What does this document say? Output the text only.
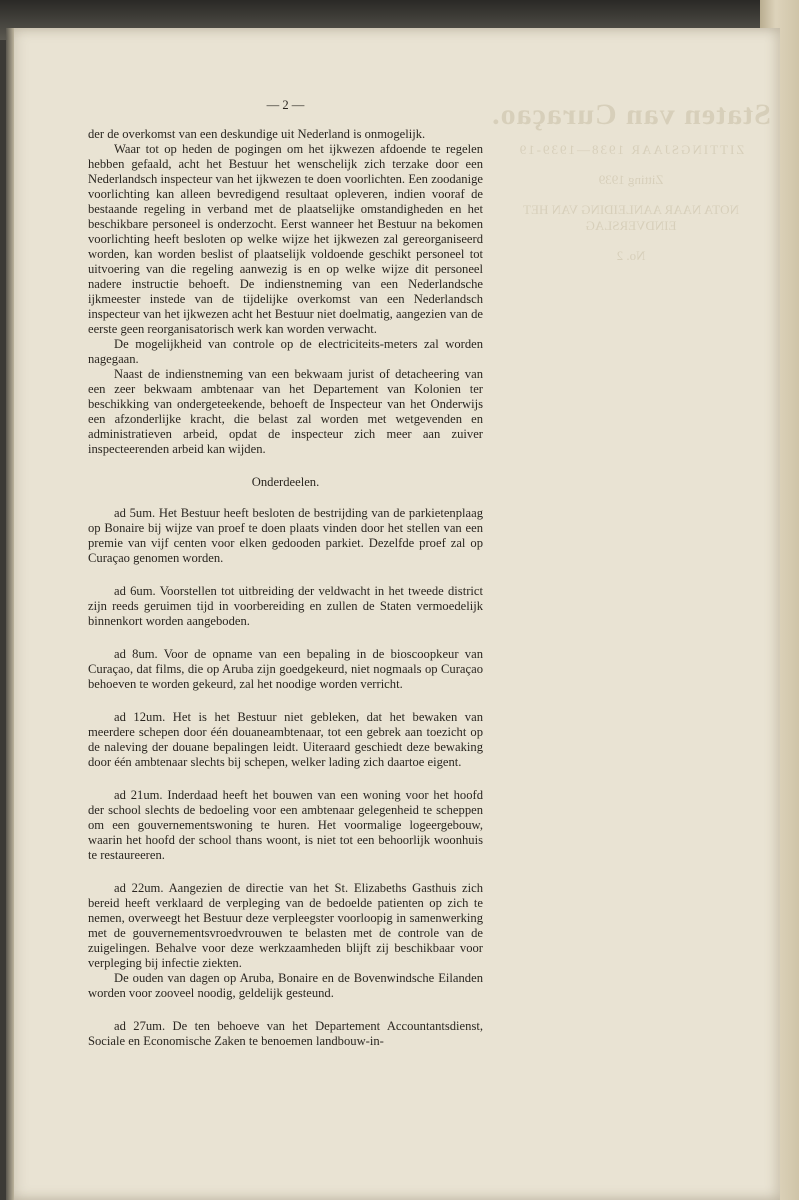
Staten van Curaçao.
ZITTINGSJAAR 1938—1939-19
Zitting 1939
NOTA NAAR AANLEIDING VAN HET EINDVERSLAG
No. 2
— 2 —

der de overkomst van een deskundige uit Nederland is onmogelijk.

Waar tot op heden de pogingen om het ijkwezen afdoende te regelen hebben gefaald, acht het Bestuur het wenschelijk zich terzake door een Nederlandsch inspecteur van het ijkwezen te doen voorlichten. Een zoodanige voorlichting kan alleen bevredigend resultaat opleveren, indien vooraf de bestaande regeling in verband met de plaatselijke omstandigheden en het beschikbare personeel is onderzocht. Eerst wanneer het Bestuur na bekomen voorlichting heeft besloten op welke wijze het ijkwezen zal gereorganiseerd worden, kan worden beslist of plaatselijk voldoende geschikt personeel tot uitvoering van die regeling aanwezig is en op welke wijze dit personeel nadere instructie behoeft. De indienstneming van een Nederlandsche ijkmeester instede van de tijdelijke overkomst van een Nederlandsch inspecteur van het ijkwezen acht het Bestuur niet doelmatig, aangezien van de eerste geen reorganisatorisch werk kan worden verwacht.

De mogelijkheid van controle op de electriciteits-meters zal worden nagegaan.

Naast de indienstneming van een bekwaam jurist of detacheering van een zeer bekwaam ambtenaar van het Departement van Kolonien ter beschikking van ondergeteekende, behoeft de Inspecteur van het Onderwijs een afzonderlijke kracht, die belast zal worden met wetgevenden en administratieven arbeid, opdat de inspecteur zich meer aan zuiver inspecteerenden arbeid kan wijden.

Onderdeelen.

ad 5um. Het Bestuur heeft besloten de bestrijding van de parkietenplaag op Bonaire bij wijze van proef te doen plaats vinden door het stellen van een premie van vijf centen voor elken gedooden parkiet. Dezelfde proef zal op Curaçao genomen worden.

ad 6um. Voorstellen tot uitbreiding der veldwacht in het tweede district zijn reeds geruimen tijd in voorbereiding en zullen de Staten vermoedelijk binnenkort worden aangeboden.

ad 8um. Voor de opname van een bepaling in de bioscoopkeur van Curaçao, dat films, die op Aruba zijn goedgekeurd, niet nogmaals op Curaçao behoeven te worden gekeurd, zal het noodige worden verricht.

ad 12um. Het is het Bestuur niet gebleken, dat het bewaken van meerdere schepen door één douaneambtenaar, tot een gebrek aan toezicht op de naleving der douane bepalingen leidt. Uiteraard geschiedt deze bewaking door één ambtenaar slechts bij schepen, welker lading zich daartoe eigent.

ad 21um. Inderdaad heeft het bouwen van een woning voor het hoofd der school slechts de bedoeling voor een ambtenaar gelegenheid te scheppen om een gouvernementswoning te huren. Het voormalige logeergebouw, waarin het hoofd der school thans woont, is niet tot een behoorlijk woonhuis te restaureeren.

ad 22um. Aangezien de directie van het St. Elizabeths Gasthuis zich bereid heeft verklaard de verpleging van de bedoelde patienten op zich te nemen, overweegt het Bestuur deze verpleegster voorloopig in samenwerking met de gouvernementsvroedvrouwen te belasten met de controle van de zuigelingen. Behalve voor deze werkzaamheden blijft zij beschikbaar voor verpleging bij infectie ziekten.
De ouden van dagen op Aruba, Bonaire en de Bovenwindsche Eilanden worden voor zooveel noodig, geldelijk gesteund.

ad 27um. De ten behoeve van het Departement Accountantsdienst, Sociale en Economische Zaken te benoemen landbouw-in-
